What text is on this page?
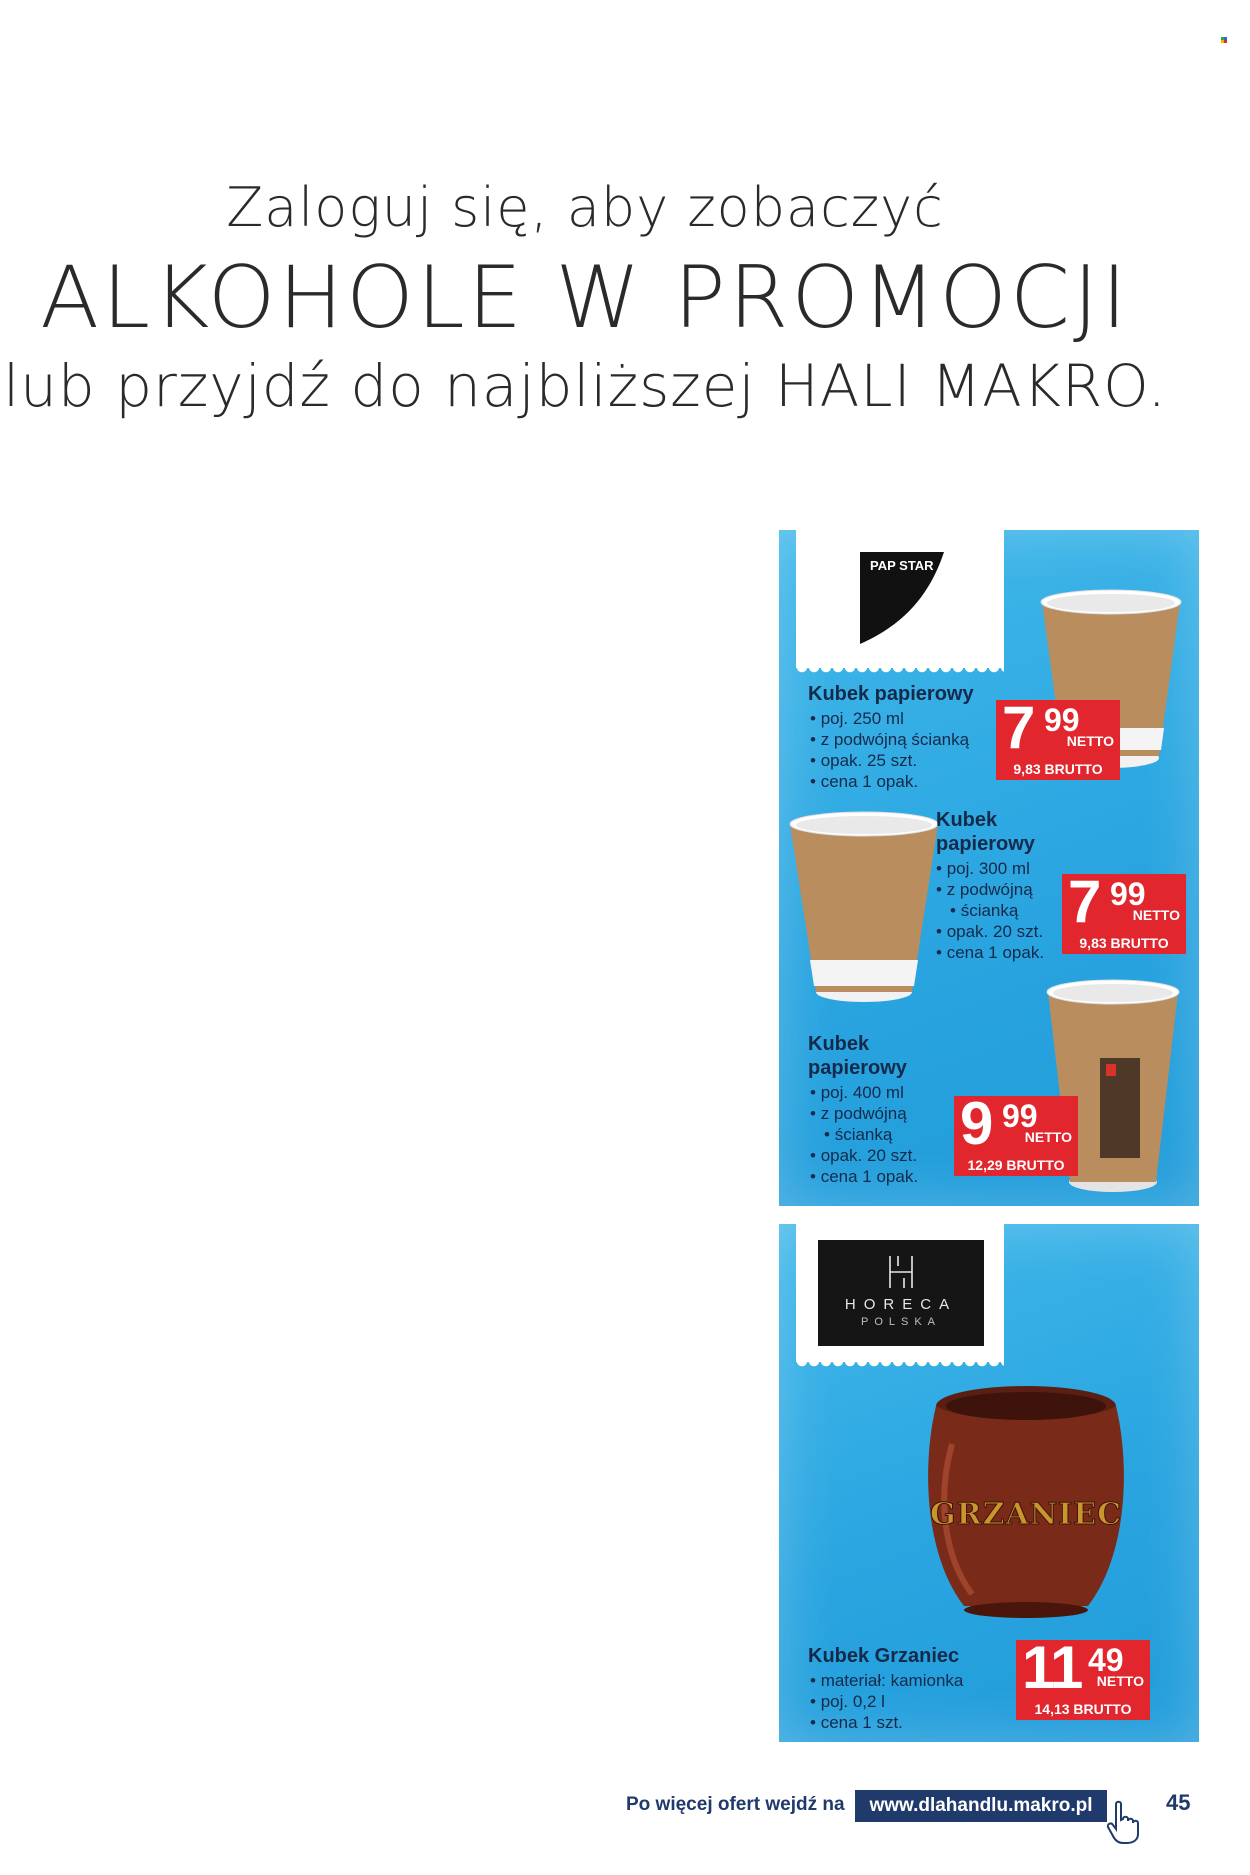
Zaloguj się, aby zobaczyć
ALKOHOLE W PROMOCJI
lub przyjdź do najbliższej HALI MAKRO.
PAP STAR
Kubek papierowy
• poj. 250 ml
• z podwójną ścianką
• opak. 25 szt.
• cena 1 opak.
7 99
NETTO
9,83 BRUTTO
Kubek
papierowy
• poj. 300 ml
• z podwójną
• ścianką
• opak. 20 szt.
• cena 1 opak.
7 99
NETTO
9,83 BRUTTO
Kubek
papierowy
• poj. 400 ml
• z podwójną
• ścianką
• opak. 20 szt.
• cena 1 opak.
9 99
NETTO
12,29 BRUTTO
HORECA
POLSKA
GRZANIEC
Kubek Grzaniec
• materiał: kamionka
• poj. 0,2 l
• cena 1 szt.
11 49
NETTO
14,13 BRUTTO
Po więcej ofert wejdź na	www.dlahandlu.makro.pl	45
